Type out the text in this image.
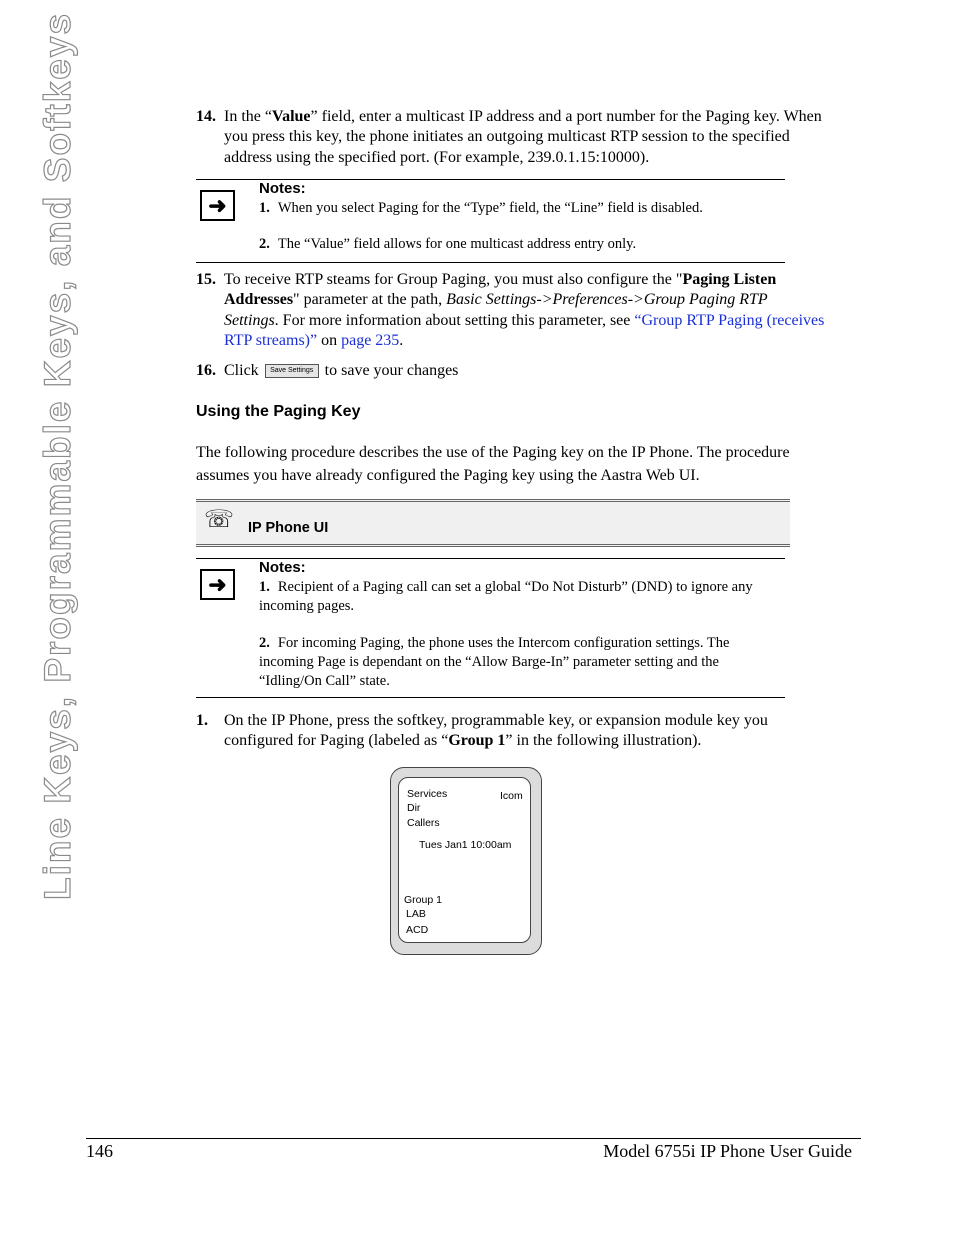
Line Keys, Programmable Keys, and Softkeys	14. In the “Value” field, enter a multicast IP address and a port number for the Paging key. When you press this key, the phone initiates an outgoing multicast RTP session to the specified address using the specified port. (For example, 239.0.1.15:10000).
➜
Notes:
1. When you select Paging for the “Type” field, the “Line” field is disabled.
2. The “Value” field allows for one multicast address entry only.
15. To receive RTP steams for Group Paging, you must also configure the "Paging Listen Addresses" parameter at the path, Basic Settings->Preferences->Group Paging RTP Settings. For more information about setting this parameter, see “Group RTP Paging (receives RTP streams)” on page 235.
16. Click Save Settings to save your changes
Using the Paging Key
The following procedure describes the use of the Paging key on the IP Phone. The procedure assumes you have already configured the Paging key using the Aastra Web UI.
☏ IP Phone UI
➜
Notes:
1. Recipient of a Paging call can set a global “Do Not Disturb” (DND) to ignore any incoming pages.
2. For incoming Paging, the phone uses the Intercom configuration settings. The incoming Page is dependant on the “Allow Barge-In” parameter setting and the “Idling/On Call” state.
1. On the IP Phone, press the softkey, programmable key, or expansion module key you configured for Paging (labeled as “Group 1” in the following illustration).
Services
Dir
Callers
Icom
Tues Jan1 10:00am
Group 1
LAB
ACD
146	Model 6755i IP Phone User Guide
